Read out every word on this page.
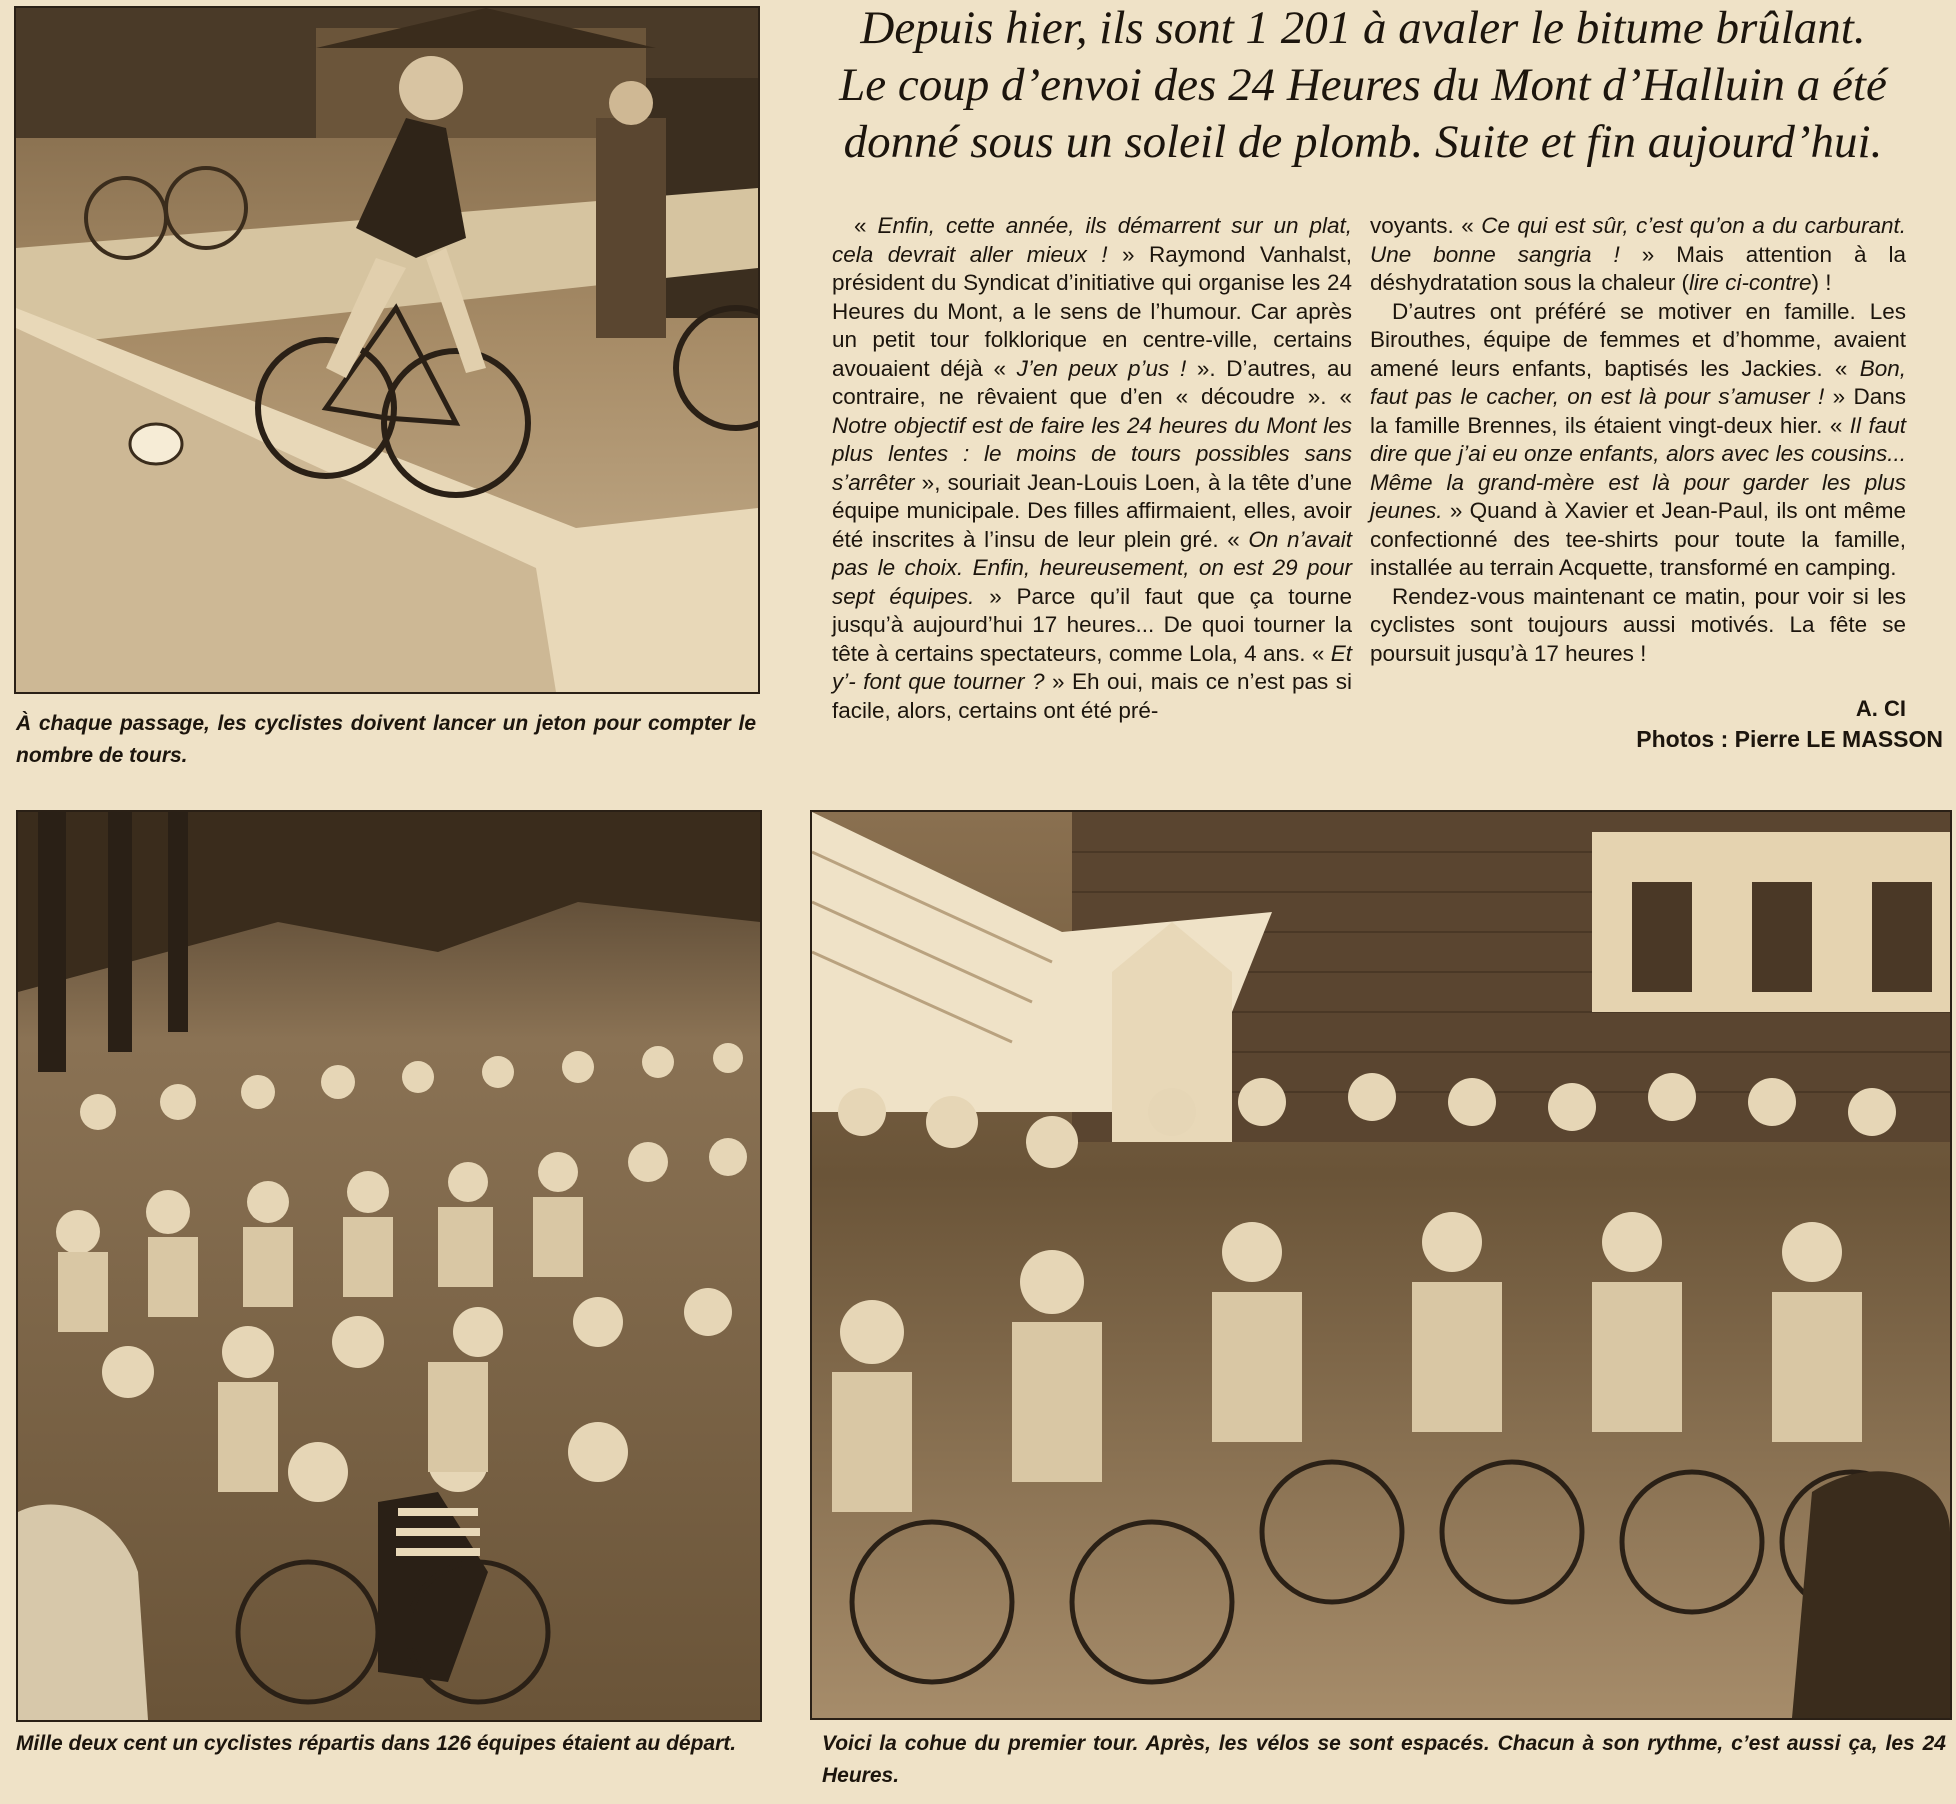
Depuis hier, ils sont 1 201 à avaler le bitume brûlant.
Le coup d’envoi des 24 Heures du Mont d’Halluin a été
donné sous un soleil de plomb. Suite et fin aujourd’hui.

« Enfin, cette année, ils démarrent sur un plat, cela devrait aller mieux ! » Raymond Vanhalst, président du Syndicat d’initiative qui organise les 24 Heures du Mont, a le sens de l’humour. Car après un petit tour folklorique en centre-ville, certains avouaient déjà « J’en peux p’us ! ». D’autres, au contraire, ne rêvaient que d’en « découdre ». « Notre objectif est de faire les 24 heures du Mont les plus lentes : le moins de tours possibles sans s’arrêter », souriait Jean-Louis Loen, à la tête d’une équipe municipale. Des filles affirmaient, elles, avoir été inscrites à l’insu de leur plein gré. « On n’avait pas le choix. Enfin, heureusement, on est 29 pour sept équipes. » Parce qu’il faut que ça tourne jusqu’à aujourd’hui 17 heures... De quoi tourner la tête à certains spectateurs, comme Lola, 4 ans. « Et y’- font que tourner ? » Eh oui, mais ce n’est pas si facile, alors, certains ont été pré-

voyants. « Ce qui est sûr, c’est qu’on a du carburant. Une bonne sangria ! » Mais attention à la déshydratation sous la chaleur (lire ci-contre) !

D’autres ont préféré se motiver en famille. Les Birouthes, équipe de femmes et d’homme, avaient amené leurs enfants, baptisés les Jackies. « Bon, faut pas le cacher, on est là pour s’amuser ! » Dans la famille Brennes, ils étaient vingt-deux hier. « Il faut dire que j’ai eu onze enfants, alors avec les cousins... Même la grand-mère est là pour garder les plus jeunes. » Quand à Xavier et Jean-Paul, ils ont même confectionné des tee-shirts pour toute la famille, installée au terrain Acquette, transformé en camping.

Rendez-vous maintenant ce matin, pour voir si les cyclistes sont toujours aussi motivés. La fête se poursuit jusqu’à 17 heures !

A. CI
Photos : Pierre LE MASSON
À chaque passage, les cyclistes doivent lancer un jeton pour compter le nombre de tours.
Mille deux cent un cyclistes répartis dans 126 équipes étaient au départ.	Voici la cohue du premier tour. Après, les vélos se sont espacés. Chacun à son rythme, c’est aussi ça, les 24 Heures.
